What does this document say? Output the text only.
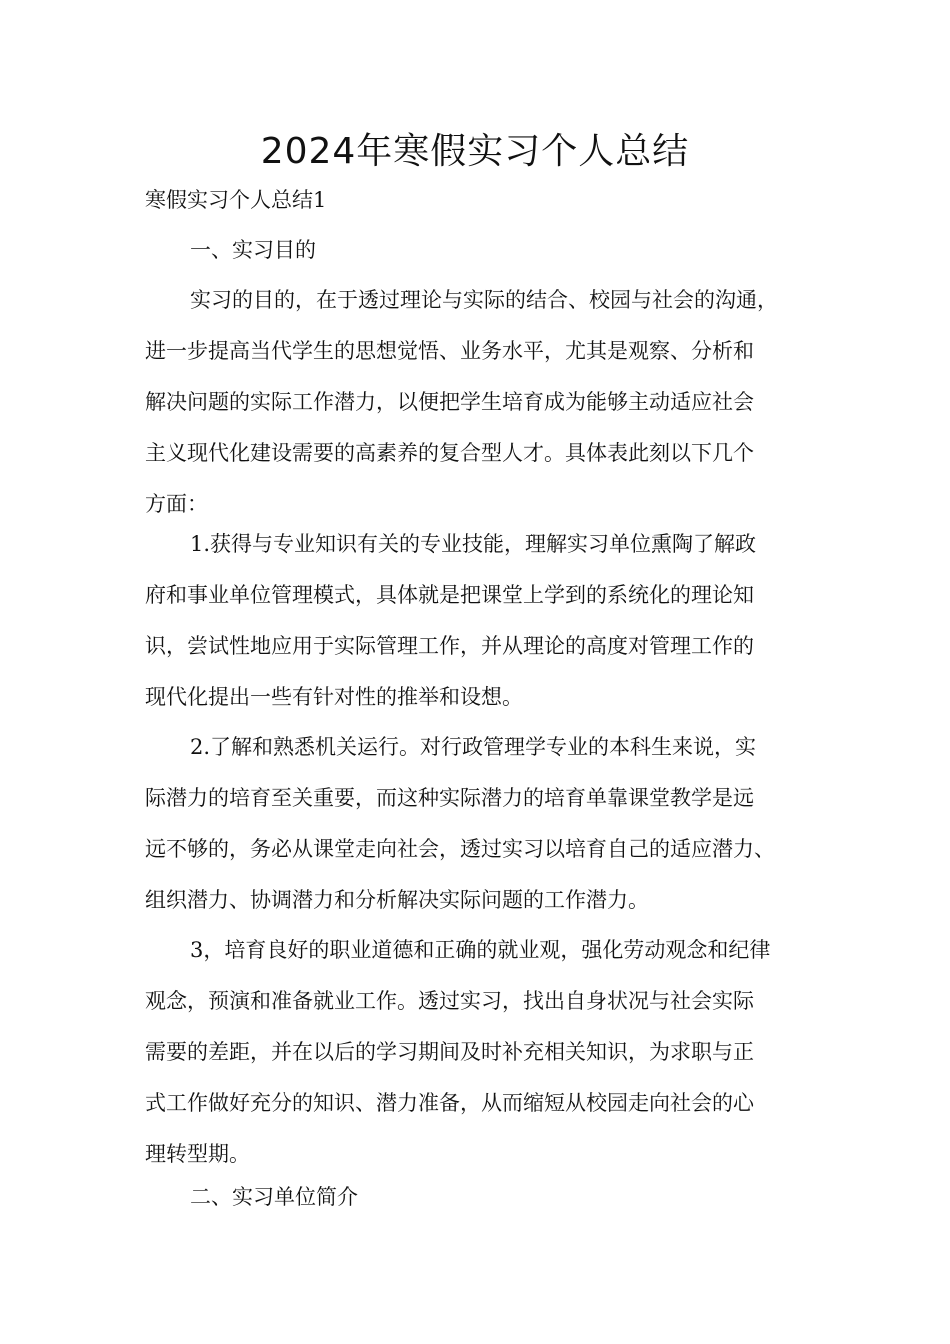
2024年寒假实习个人总结

寒假实习个人总结1

一、实习目的

实习的目的，在于透过理论与实际的结合、校园与社会的沟通，
进一步提高当代学生的思想觉悟、业务水平，尤其是观察、分析和
解决问题的实际工作潜力，以便把学生培育成为能够主动适应社会
主义现代化建设需要的高素养的复合型人才。具体表此刻以下几个
方面：
1.获得与专业知识有关的专业技能，理解实习单位熏陶了解政
府和事业单位管理模式，具体就是把课堂上学到的系统化的理论知
识，尝试性地应用于实际管理工作，并从理论的高度对管理工作的
现代化提出一些有针对性的推举和设想。
2.了解和熟悉机关运行。对行政管理学专业的本科生来说，实
际潜力的培育至关重要，而这种实际潜力的培育单靠课堂教学是远
远不够的，务必从课堂走向社会，透过实习以培育自己的适应潜力、
组织潜力、协调潜力和分析解决实际问题的工作潜力。
3，培育良好的职业道德和正确的就业观，强化劳动观念和纪律
观念，预演和准备就业工作。透过实习，找出自身状况与社会实际
需要的差距，并在以后的学习期间及时补充相关知识，为求职与正
式工作做好充分的知识、潜力准备，从而缩短从校园走向社会的心
理转型期。

二、实习单位简介
